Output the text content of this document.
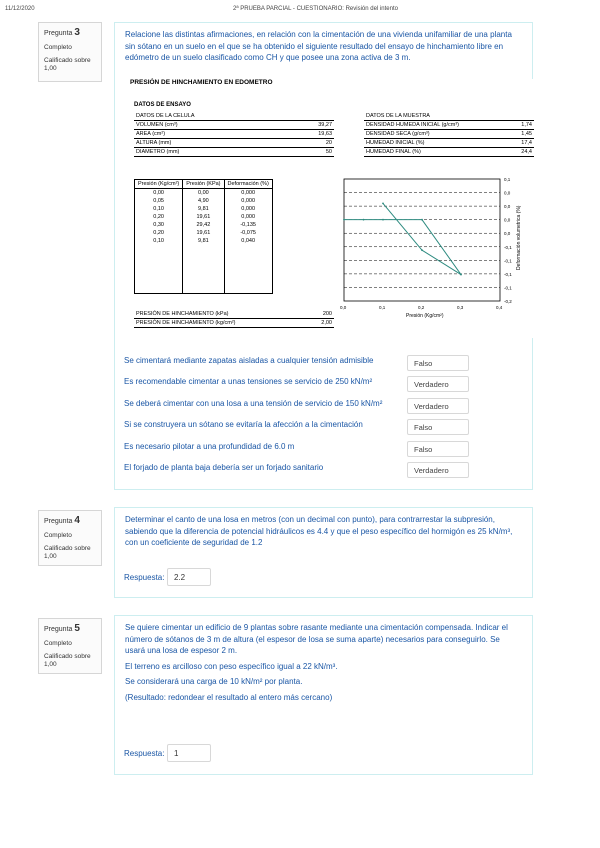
11/12/2020	2ª PRUEBA PARCIAL - CUESTIONARIO: Revisión del intento
Pregunta 3
Completo
Calificado sobre
1,00

Relacione las distintas afirmaciones, en relación con la cimentación de una vivienda unifamiliar de una planta sin sótano en un suelo en el que se ha obtenido el siguiente resultado del ensayo de hinchamiento libre en edómetro de un suelo clasificado como CH y que posee una zona activa de 3 m.

PRESIÓN DE HINCHAMIENTO EN EDOMETRO
DATOS DE ENSAYO
DATOS DE LA CELULA	
VOLUMEN (cm³)	39,27
AREA (cm²)	19,63
ALTURA (mm)	20
DIAMETRO (mm)	50
DATOS DE LA MUESTRA	
DENSIDAD HUMEDA INICIAL (g/cm³)	1,74
DENSIDAD SECA (g/cm³)	1,45
HUMEDAD INICIAL (%)	17,4
HUMEDAD FINAL (%)	24,4
Presión (Kg/cm²)	Presión (KPa)	Deformación (%)
0,00	0,00	0,000
0,05	4,90	0,000
0,10	9,81	0,000
0,20	19,61	0,000
0,30	29,42	-0,135
0,20	19,61	-0,075
0,10	9,81	0,040

PRESIÓN DE HINCHAMIENTO (kPa)	200
PRESIÓN DE HINCHAMIENTO (kg/cm²)	2,00
0,1
0,0
0,0
0,0
0,0
-0,1
-0,1
-0,1
-0,1
-0,2
0,0	0,1	0,2	0,3	0,4
Presión (Kg/cm²)
Deformación volumetrica (%)
Se cimentará mediante zapatas aisladas a cualquier tensión admisible	Falso
Es recomendable cimentar a unas tensiones se servicio de 250 kN/m²	Verdadero
Se deberá cimentar con una losa a una tensión de servicio de 150 kN/m²	Verdadero
Si se construyera un sótano se evitaría la afección a la cimentación	Falso
Es necesario pilotar a una profundidad de 6.0 m	Falso
El forjado de planta baja debería ser un forjado sanitario	Verdadero
Pregunta 4
Completo
Calificado sobre
1,00

Determinar el canto de una losa en metros (con un decimal con punto), para contrarrestar la subpresión, sabiendo que la diferencia de potencial hidráulicos es 4.4 y que el peso específico del hormigón es 25 kN/m³, con un coeficiente de seguridad de 1.2

Respuesta:	2.2
Pregunta 5
Completo
Calificado sobre
1,00

Se quiere cimentar un edificio de 9 plantas sobre rasante mediante una cimentación compensada. Indicar el número de sótanos de 3 m de altura (el espesor de losa se suma aparte) necesarios para conseguirlo. Se usará una losa de espesor 2 m.

El terreno es arcilloso con peso específico igual a 22 kN/m³.

Se considerará una carga de 10 kN/m² por planta.

(Resultado: redondear el resultado al entero más cercano)

Respuesta:	1
